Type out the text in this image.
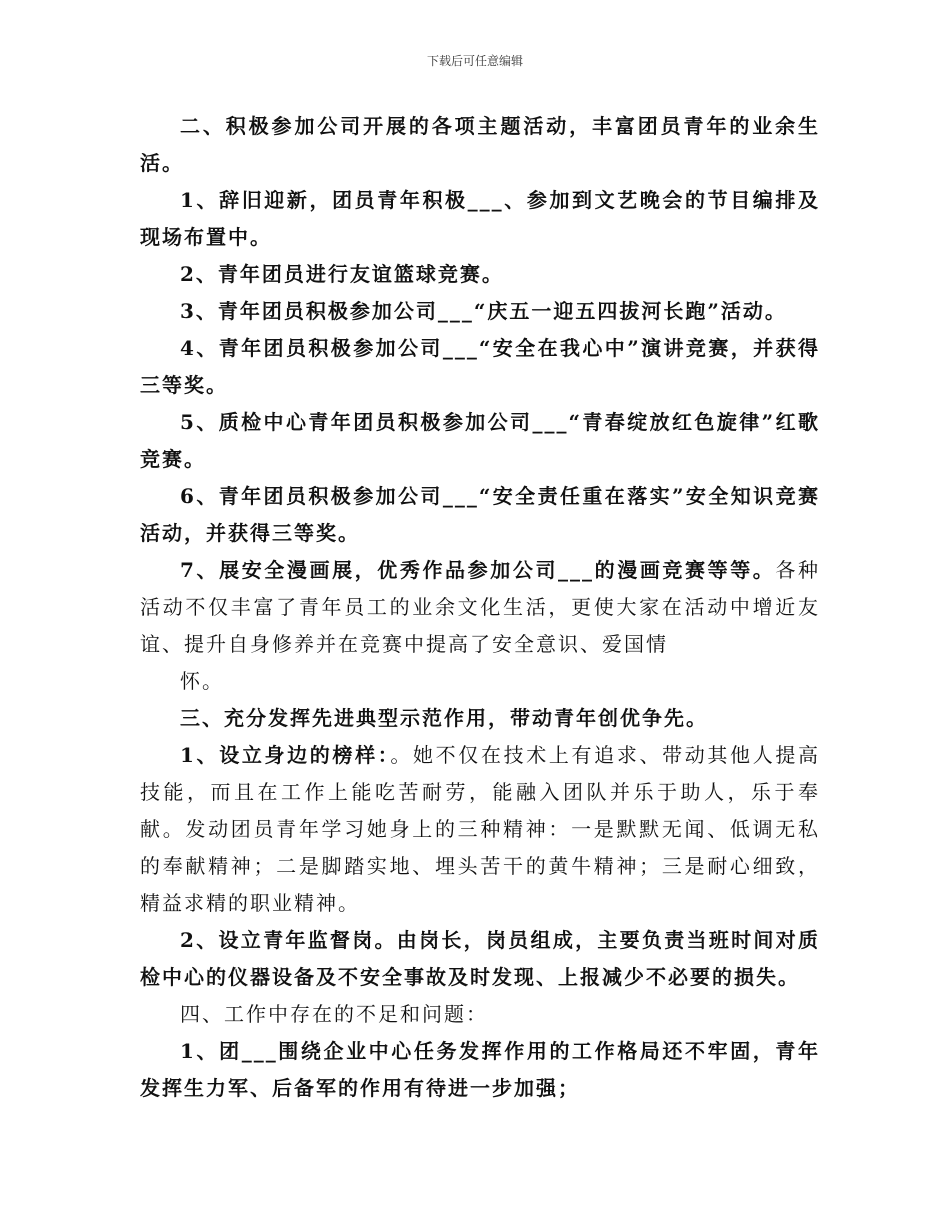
下载后可任意编辑

二、积极参加公司开展的各项主题活动，丰富团员青年的业余生活。

1、辞旧迎新，团员青年积极___、参加到文艺晚会的节目编排及现场布置中。

2、青年团员进行友谊篮球竞赛。

3、青年团员积极参加公司___“庆五一迎五四拔河长跑”活动。

4、青年团员积极参加公司___“安全在我心中”演讲竞赛，并获得三等奖。

5、质检中心青年团员积极参加公司___“青春绽放红色旋律”红歌竞赛。

6、青年团员积极参加公司___“安全责任重在落实”安全知识竞赛活动，并获得三等奖。

7、展安全漫画展，优秀作品参加公司___的漫画竞赛等等。各种活动不仅丰富了青年员工的业余文化生活，更使大家在活动中增近友谊、提升自身修养并在竞赛中提高了安全意识、爱国情

怀。

三、充分发挥先进典型示范作用，带动青年创优争先。

1、设立身边的榜样：。她不仅在技术上有追求、带动其他人提高技能，而且在工作上能吃苦耐劳，能融入团队并乐于助人，乐于奉献。发动团员青年学习她身上的三种精神：一是默默无闻、低调无私的奉献精神；二是脚踏实地、埋头苦干的黄牛精神；三是耐心细致，精益求精的职业精神。

2、设立青年监督岗。由岗长，岗员组成，主要负责当班时间对质检中心的仪器设备及不安全事故及时发现、上报减少不必要的损失。

四、工作中存在的不足和问题：

1、团___围绕企业中心任务发挥作用的工作格局还不牢固，青年发挥生力军、后备军的作用有待进一步加强；
